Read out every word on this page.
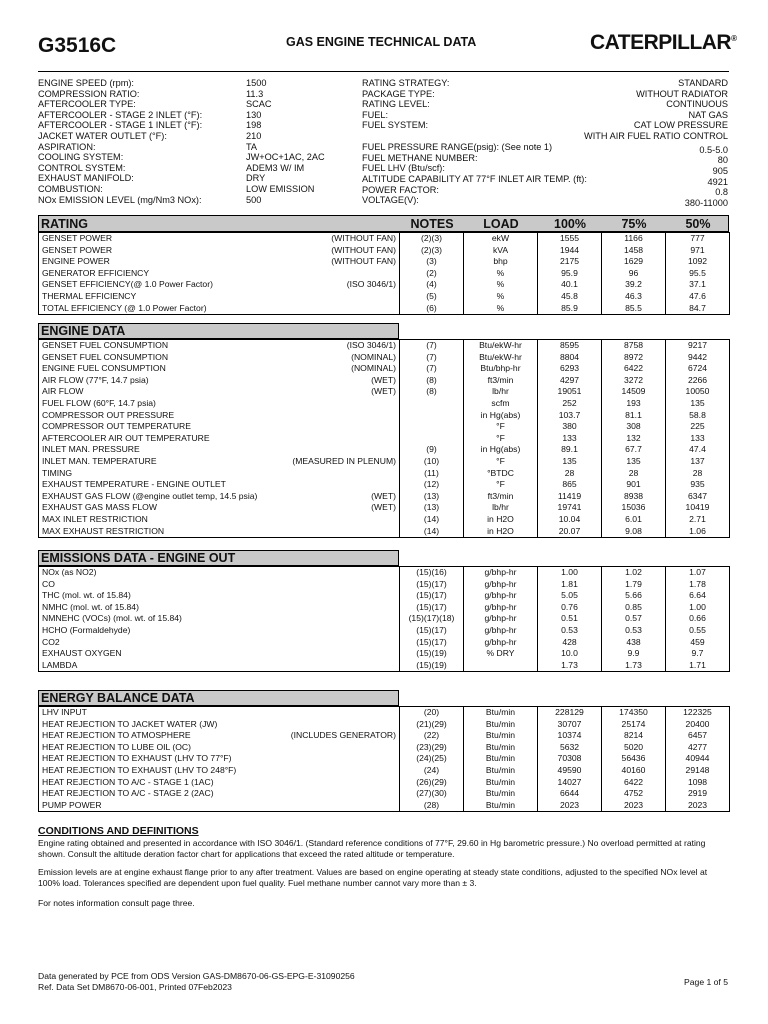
G3516C	GAS ENGINE TECHNICAL DATA	CATERPILLAR®
ENGINE SPEED (rpm):	1500
COMPRESSION RATIO:	11.3
AFTERCOOLER TYPE:	SCAC
AFTERCOOLER - STAGE 2 INLET (°F):	130
AFTERCOOLER - STAGE 1 INLET (°F):	198
JACKET WATER OUTLET (°F):	210
ASPIRATION:	TA
COOLING SYSTEM:	JW+OC+1AC, 2AC
CONTROL SYSTEM:	ADEM3 W/ IM
EXHAUST MANIFOLD:	DRY
COMBUSTION:	LOW EMISSION
NOx EMISSION LEVEL (mg/Nm3 NOx):	500
RATING STRATEGY:	STANDARD
PACKAGE TYPE:	WITHOUT RADIATOR
RATING LEVEL:	CONTINUOUS
FUEL:	NAT GAS
FUEL SYSTEM:	CAT LOW PRESSURE
WITH AIR FUEL RATIO CONTROL
FUEL PRESSURE RANGE(psig): (See note 1)	0.5-5.0
FUEL METHANE NUMBER:	80
FUEL LHV (Btu/scf):	905
ALTITUDE CAPABILITY AT 77°F INLET AIR TEMP. (ft):	4921
POWER FACTOR:	0.8
VOLTAGE(V):	380-11000
RATING	NOTES	LOAD	100%	75%	50%
GENSET POWER	(WITHOUT FAN)	(2)(3)	ekW	1555	1166	777
GENSET POWER	(WITHOUT FAN)	(2)(3)	kVA	1944	1458	971
ENGINE POWER	(WITHOUT FAN)	(3)	bhp	2175	1629	1092
GENERATOR EFFICIENCY		(2)	%	95.9	96	95.5
GENSET EFFICIENCY(@ 1.0 Power Factor)	(ISO 3046/1)	(4)	%	40.1	39.2	37.1
THERMAL EFFICIENCY		(5)	%	45.8	46.3	47.6
TOTAL EFFICIENCY (@ 1.0 Power Factor)		(6)	%	85.9	85.5	84.7
ENGINE DATA
GENSET FUEL CONSUMPTION	(ISO 3046/1)	(7)	Btu/ekW-hr	8595	8758	9217
GENSET FUEL CONSUMPTION	(NOMINAL)	(7)	Btu/ekW-hr	8804	8972	9442
ENGINE FUEL CONSUMPTION	(NOMINAL)	(7)	Btu/bhp-hr	6293	6422	6724
AIR FLOW (77°F, 14.7 psia)	(WET)	(8)	ft3/min	4297	3272	2266
AIR FLOW	(WET)	(8)	lb/hr	19051	14509	10050
FUEL FLOW (60°F, 14.7 psia)			scfm	252	193	135
COMPRESSOR OUT PRESSURE			in Hg(abs)	103.7	81.1	58.8
COMPRESSOR OUT TEMPERATURE			°F	380	308	225
AFTERCOOLER AIR OUT TEMPERATURE			°F	133	132	133
INLET MAN. PRESSURE		(9)	in Hg(abs)	89.1	67.7	47.4
INLET MAN. TEMPERATURE	(MEASURED IN PLENUM)	(10)	°F	135	135	137
TIMING		(11)	°BTDC	28	28	28
EXHAUST TEMPERATURE - ENGINE OUTLET		(12)	°F	865	901	935
EXHAUST GAS FLOW (@engine outlet temp, 14.5 psia)	(WET)	(13)	ft3/min	11419	8938	6347
EXHAUST GAS MASS FLOW	(WET)	(13)	lb/hr	19741	15036	10419
MAX INLET RESTRICTION		(14)	in H2O	10.04	6.01	2.71
MAX EXHAUST RESTRICTION		(14)	in H2O	20.07	9.08	1.06
EMISSIONS DATA - ENGINE OUT
NOx (as NO2)		(15)(16)	g/bhp-hr	1.00	1.02	1.07
CO		(15)(17)	g/bhp-hr	1.81	1.79	1.78
THC (mol. wt. of 15.84)		(15)(17)	g/bhp-hr	5.05	5.66	6.64
NMHC (mol. wt. of 15.84)		(15)(17)	g/bhp-hr	0.76	0.85	1.00
NMNEHC (VOCs) (mol. wt. of 15.84)		(15)(17)(18)	g/bhp-hr	0.51	0.57	0.66
HCHO (Formaldehyde)		(15)(17)	g/bhp-hr	0.53	0.53	0.55
CO2		(15)(17)	g/bhp-hr	428	438	459
EXHAUST OXYGEN		(15)(19)	% DRY	10.0	9.9	9.7
LAMBDA		(15)(19)		1.73	1.73	1.71
ENERGY BALANCE DATA
LHV INPUT		(20)	Btu/min	228129	174350	122325
HEAT REJECTION TO JACKET WATER (JW)		(21)(29)	Btu/min	30707	25174	20400
HEAT REJECTION TO ATMOSPHERE	(INCLUDES GENERATOR)	(22)	Btu/min	10374	8214	6457
HEAT REJECTION TO LUBE OIL (OC)		(23)(29)	Btu/min	5632	5020	4277
HEAT REJECTION TO EXHAUST (LHV TO 77°F)		(24)(25)	Btu/min	70308	56436	40944
HEAT REJECTION TO EXHAUST (LHV TO 248°F)		(24)	Btu/min	49590	40160	29148
HEAT REJECTION TO A/C - STAGE 1 (1AC)		(26)(29)	Btu/min	14027	6422	1098
HEAT REJECTION TO A/C - STAGE 2 (2AC)		(27)(30)	Btu/min	6644	4752	2919
PUMP POWER		(28)	Btu/min	2023	2023	2023
CONDITIONS AND DEFINITIONS
Engine rating obtained and presented in accordance with ISO 3046/1. (Standard reference conditions of 77°F, 29.60 in Hg barometric pressure.) No overload permitted at rating shown. Consult the altitude deration factor chart for applications that exceed the rated altitude or temperature.
Emission levels are at engine exhaust flange prior to any after treatment. Values are based on engine operating at steady state conditions, adjusted to the specified NOx level at 100% load. Tolerances specified are dependent upon fuel quality. Fuel methane number cannot vary more than ± 3.
For notes information consult page three.
Data generated by PCE from ODS Version GAS-DM8670-06-GS-EPG-E-31090256
Ref. Data Set DM8670-06-001, Printed 07Feb2023	Page 1 of 5
